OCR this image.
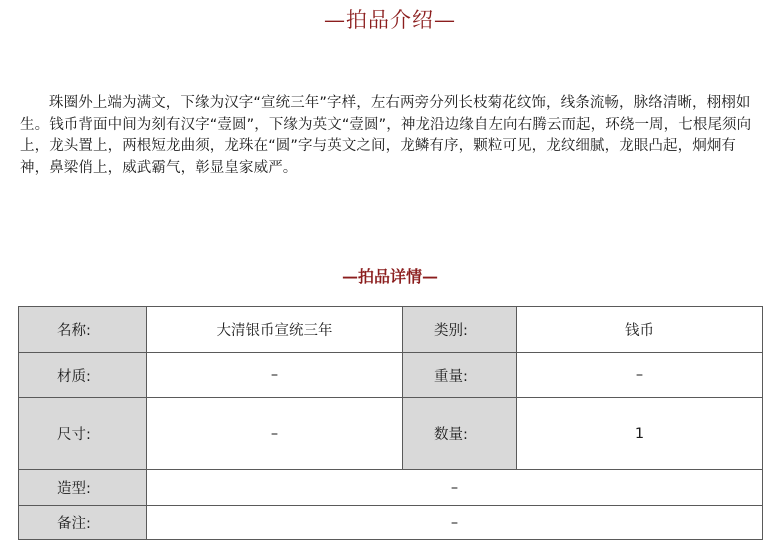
—拍品介绍—

珠圈外上端为满文，下缘为汉字“宣统三年”字样，左右两旁分列长枝菊花纹饰，线条流畅，脉络清晰，栩栩如生。钱币背面中间为刻有汉字“壹圆”，下缘为英文“壹圆”，神龙沿边缘自左向右腾云而起，环绕一周，七根尾须向上，龙头置上，两根短龙曲须，龙珠在“圆”字与英文之间，龙鳞有序，颗粒可见，龙纹细腻，龙眼凸起，炯炯有神，鼻梁俏上，威武霸气，彰显皇家威严。

—拍品详情—
名称:	大清银币宣统三年	类别:	钱币
材质:	–	重量:	–
尺寸:	–	数量:	1
造型:	–		
备注:	–		
